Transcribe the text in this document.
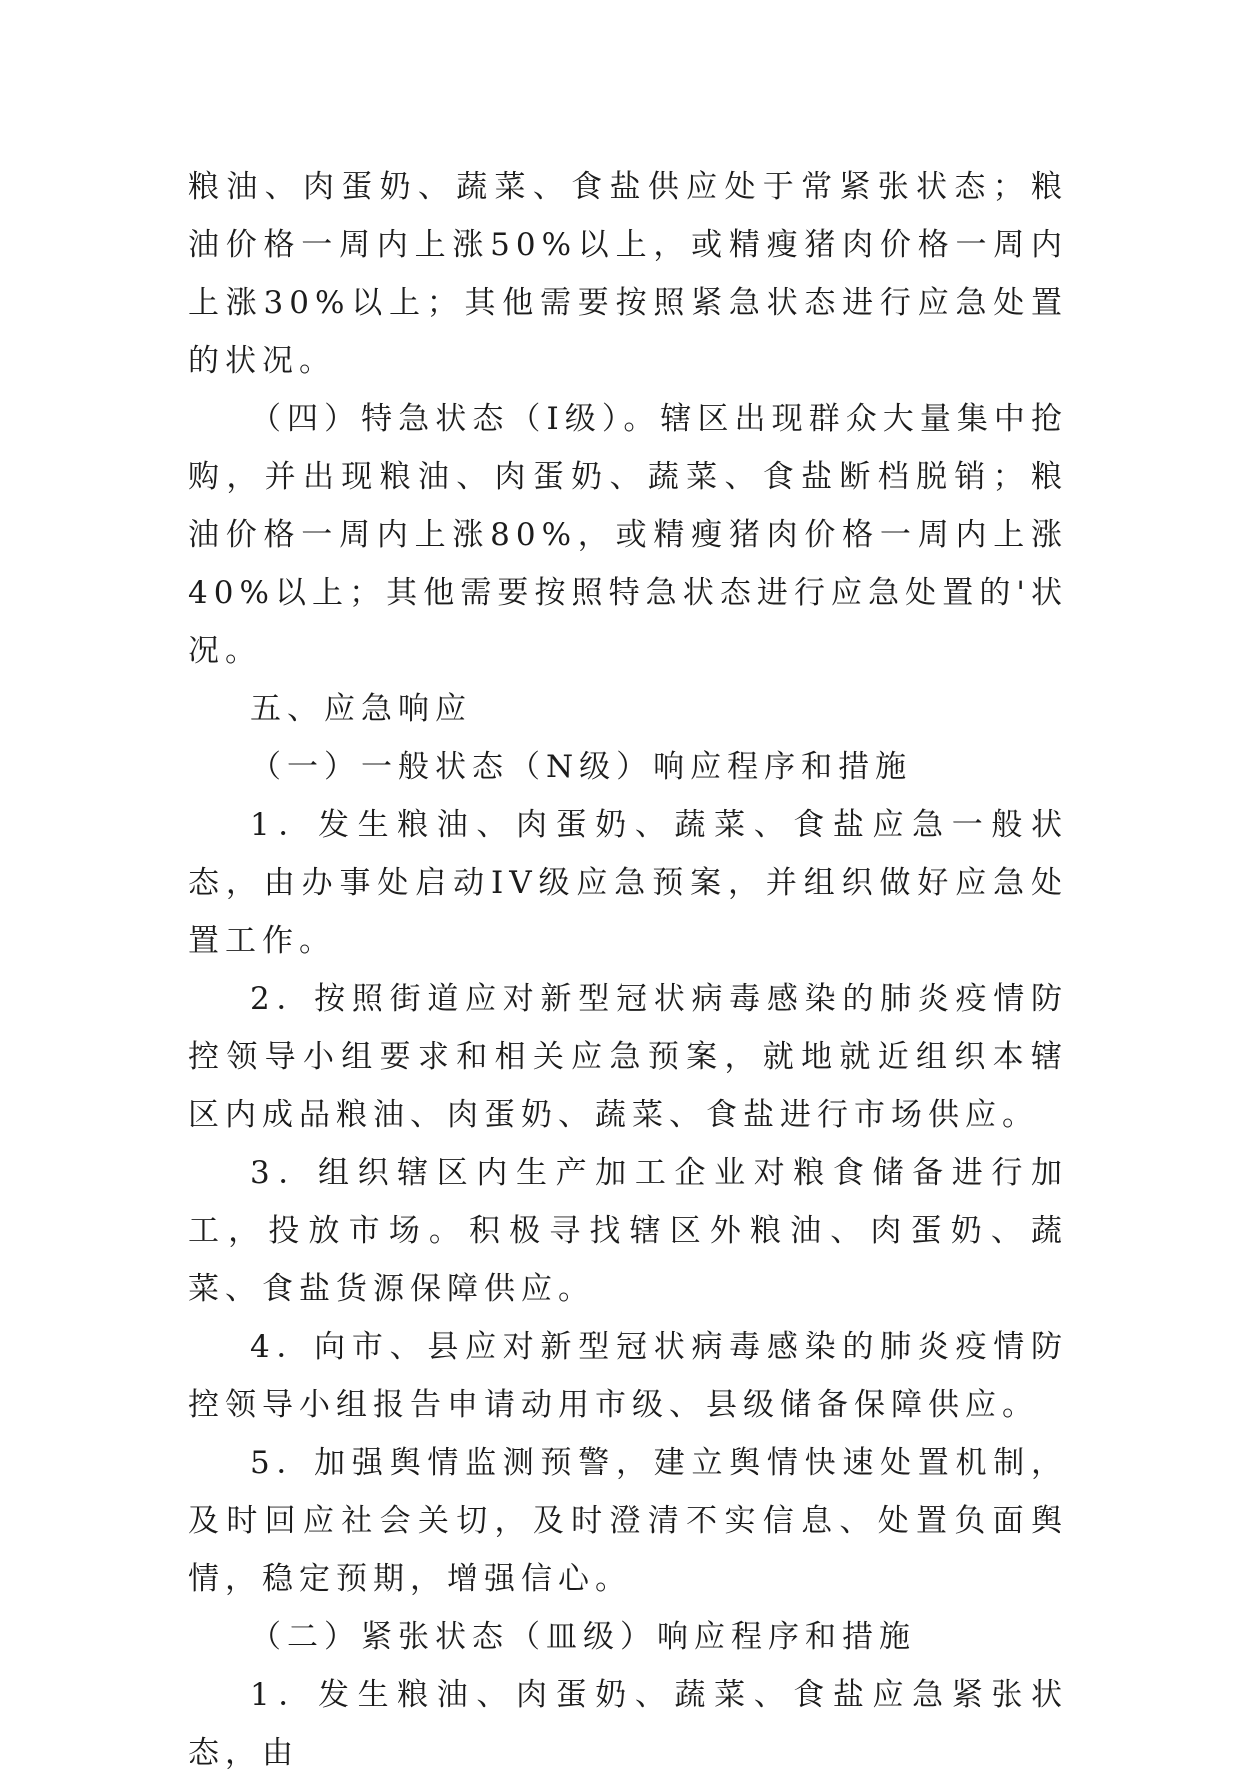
粮油、肉蛋奶、蔬菜、食盐供应处于常紧张状态；粮油价格一周内上涨50%以上，或精瘦猪肉价格一周内上涨30%以上；其他需要按照紧急状态进行应急处置的状况。

（四）特急状态（I级）。辖区出现群众大量集中抢购，并出现粮油、肉蛋奶、蔬菜、食盐断档脱销；粮油价格一周内上涨80%，或精瘦猪肉价格一周内上涨40%以上；其他需要按照特急状态进行应急处置的'状况。

五、应急响应

（一）一般状态（N级）响应程序和措施

1．发生粮油、肉蛋奶、蔬菜、食盐应急一般状态，由办事处启动IV级应急预案，并组织做好应急处置工作。

2．按照街道应对新型冠状病毒感染的肺炎疫情防控领导小组要求和相关应急预案，就地就近组织本辖区内成品粮油、肉蛋奶、蔬菜、食盐进行市场供应。

3．组织辖区内生产加工企业对粮食储备进行加工，投放市场。积极寻找辖区外粮油、肉蛋奶、蔬菜、食盐货源保障供应。

4．向市、县应对新型冠状病毒感染的肺炎疫情防控领导小组报告申请动用市级、县级储备保障供应。

5．加强舆情监测预警，建立舆情快速处置机制，及时回应社会关切，及时澄清不实信息、处置负面舆情，稳定预期，增强信心。

（二）紧张状态（皿级）响应程序和措施

1．发生粮油、肉蛋奶、蔬菜、食盐应急紧张状态，由
